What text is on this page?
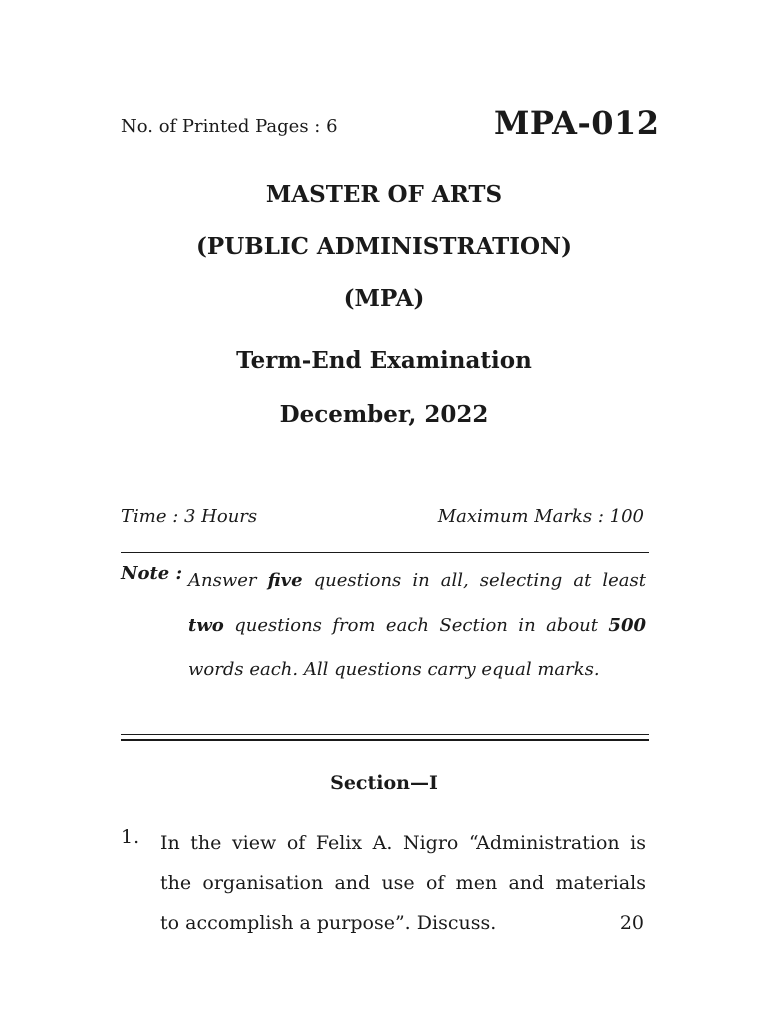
No. of Printed Pages : 6	MPA-012
MASTER OF ARTS
(PUBLIC ADMINISTRATION)
(MPA)
Term-End Examination
December, 2022
Time : 3 Hours	Maximum Marks : 100
Note : Answer five questions in all, selecting at least two questions from each Section in about 500 words each. All questions carry equal marks.
Section—I
1. In the view of Felix A. Nigro “Administration is
the organisation and use of men and materials
to accomplish a purpose”. Discuss.	20
